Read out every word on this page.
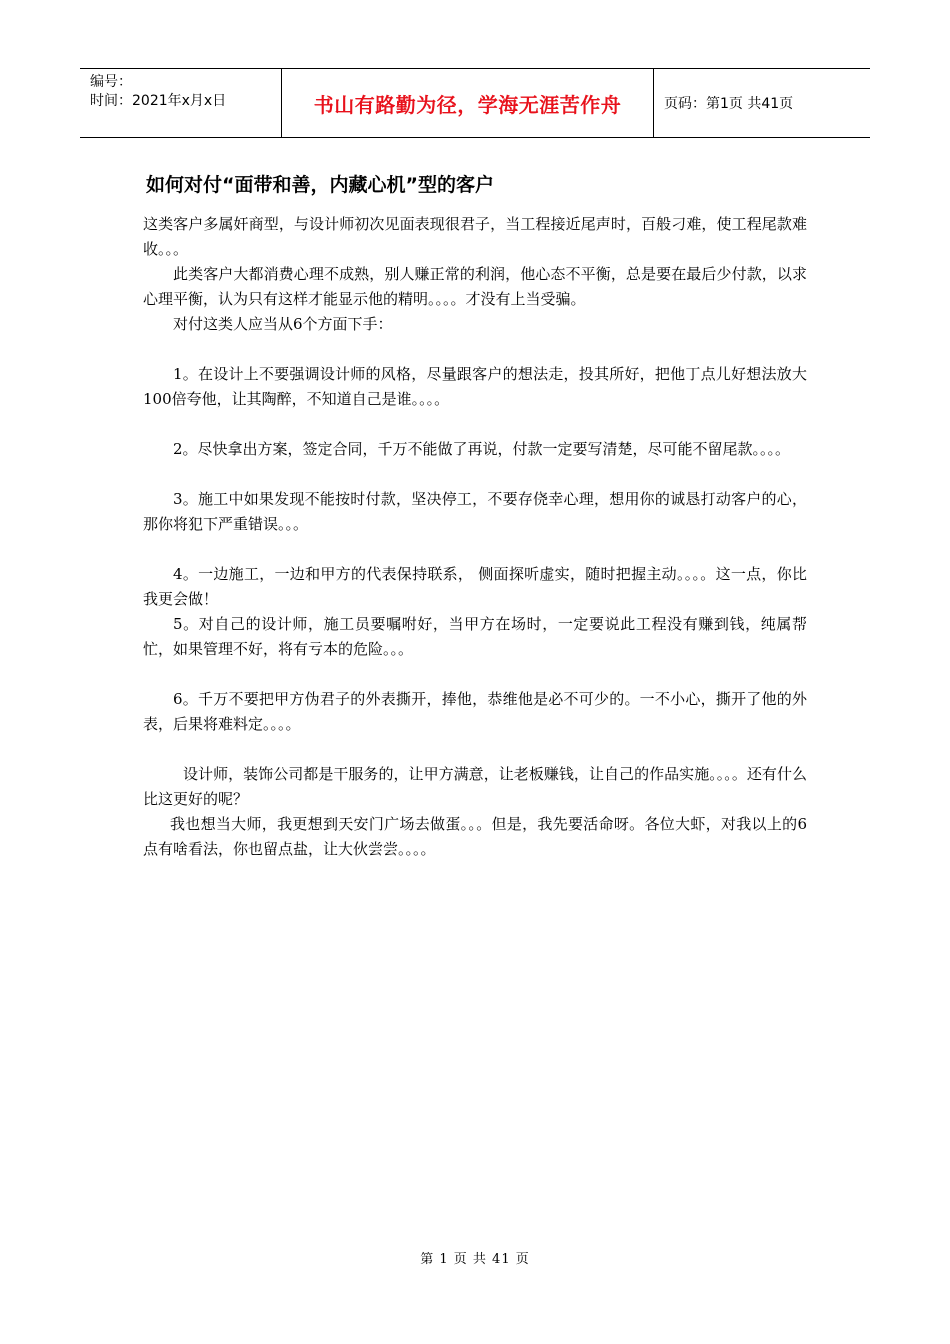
编号：
时间：2021年x月x日	书山有路勤为径，学海无涯苦作舟	页码：第1页 共41页
如何对付“面带和善，内藏心机”型的客户

这类客户多属奸商型，与设计师初次见面表现很君子，当工程接近尾声时，百般刁难，使工程尾款难收。。。

此类客户大都消费心理不成熟，别人赚正常的利润，他心态不平衡，总是要在最后少付款，以求心理平衡，认为只有这样才能显示他的精明。。。。才没有上当受骗。

对付这类人应当从6个方面下手：

1。在设计上不要强调设计师的风格，尽量跟客户的想法走，投其所好，把他丁点儿好想法放大100倍夸他，让其陶醉，不知道自己是谁。。。。

2。尽快拿出方案，签定合同，千万不能做了再说，付款一定要写清楚，尽可能不留尾款。。。。

3。施工中如果发现不能按时付款，坚决停工，不要存侥幸心理，想用你的诚恳打动客户的心，那你将犯下严重错误。。。

4。一边施工，一边和甲方的代表保持联系， 侧面探听虚实，随时把握主动。。。。这一点，你比我更会做！

5。对自己的设计师，施工员要嘱咐好，当甲方在场时，一定要说此工程没有赚到钱，纯属帮忙，如果管理不好，将有亏本的危险。。。

6。千万不要把甲方伪君子的外表撕开，捧他，恭维他是必不可少的。一不小心，撕开了他的外表，后果将难料定。。。。

设计师，装饰公司都是干服务的，让甲方满意，让老板赚钱，让自己的作品实施。。。。还有什么比这更好的呢？

我也想当大师，我更想到天安门广场去做蛋。。。但是，我先要活命呀。各位大虾，对我以上的6点有啥看法，你也留点盐，让大伙尝尝。。。。

第 1 页 共 41 页
